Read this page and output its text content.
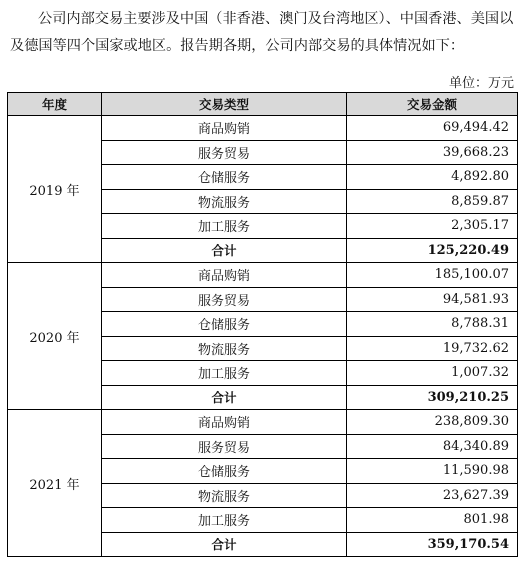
公司内部交易主要涉及中国（非香港、澳门及台湾地区）、中国香港、美国以及德国等四个国家或地区。报告期各期，公司内部交易的具体情况如下：

单位：万元
年度	交易类型	交易金额
2019 年	商品购销	69,494.42
	服务贸易	39,668.23
	仓储服务	4,892.80
	物流服务	8,859.87
	加工服务	2,305.17
	合计	125,220.49
2020 年	商品购销	185,100.07
	服务贸易	94,581.93
	仓储服务	8,788.31
	物流服务	19,732.62
	加工服务	1,007.32
	合计	309,210.25
2021 年	商品购销	238,809.30
	服务贸易	84,340.89
	仓储服务	11,590.98
	物流服务	23,627.39
	加工服务	801.98
	合计	359,170.54
